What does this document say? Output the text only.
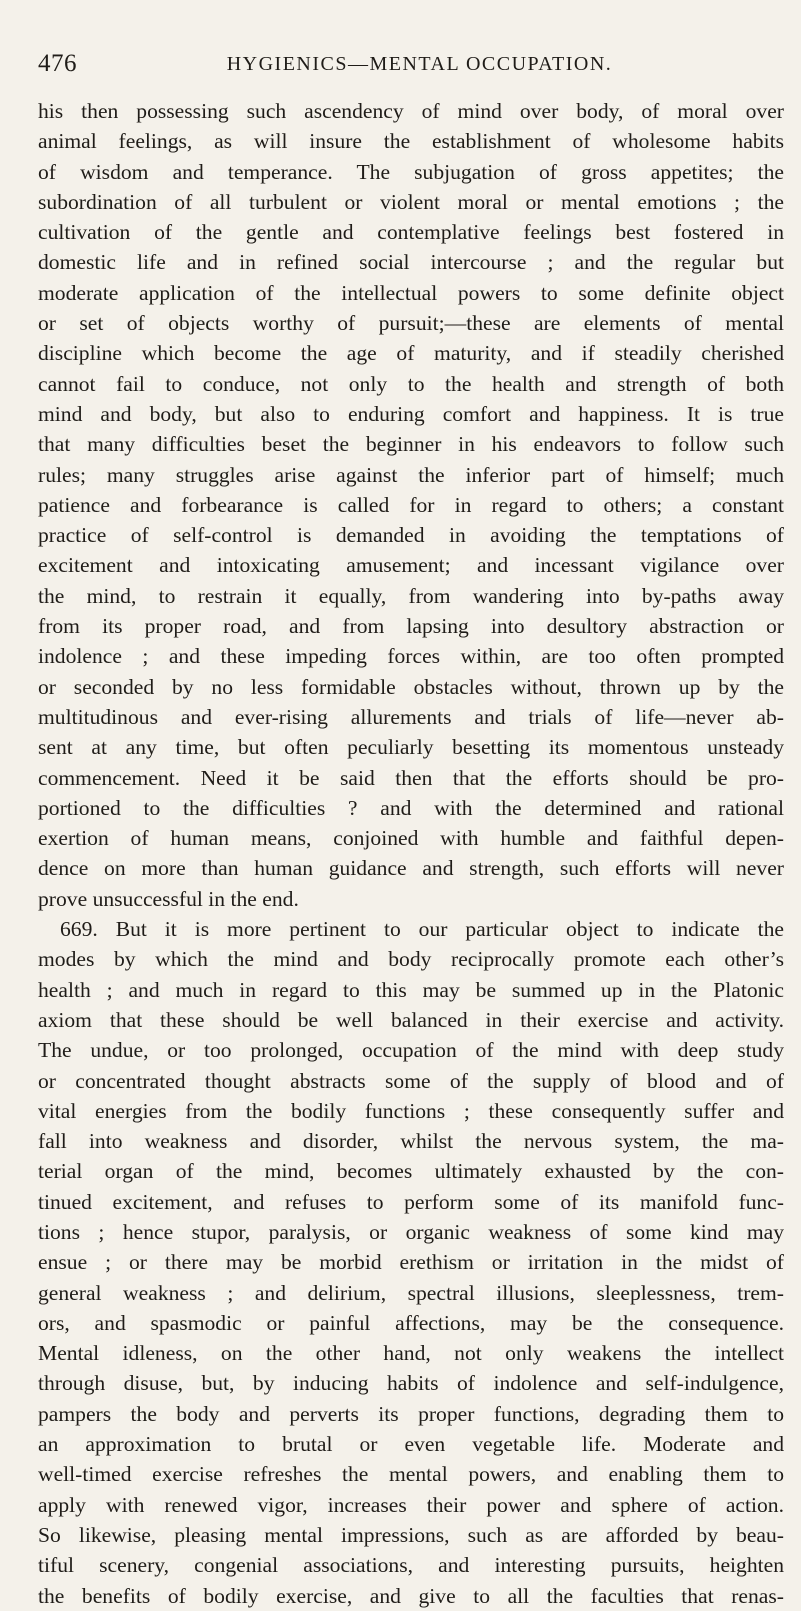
476	HYGIENICS—MENTAL OCCUPATION.
his then possessing such ascendency of mind over body, of moral over
animal feelings, as will insure the establishment of wholesome habits
of wisdom and temperance. The subjugation of gross appetites; the
subordination of all turbulent or violent moral or mental emotions ; the
cultivation of the gentle and contemplative feelings best fostered in
domestic life and in refined social intercourse ; and the regular but
moderate application of the intellectual powers to some definite object
or set of objects worthy of pursuit;—these are elements of mental
discipline which become the age of maturity, and if steadily cherished
cannot fail to conduce, not only to the health and strength of both
mind and body, but also to enduring comfort and happiness. It is true
that many difficulties beset the beginner in his endeavors to follow such
rules; many struggles arise against the inferior part of himself; much
patience and forbearance is called for in regard to others; a constant
practice of self-control is demanded in avoiding the temptations of
excitement and intoxicating amusement; and incessant vigilance over
the mind, to restrain it equally, from wandering into by-paths away
from its proper road, and from lapsing into desultory abstraction or
indolence ; and these impeding forces within, are too often prompted
or seconded by no less formidable obstacles without, thrown up by the
multitudinous and ever-rising allurements and trials of life—never ab-
sent at any time, but often peculiarly besetting its momentous unsteady
commencement. Need it be said then that the efforts should be pro-
portioned to the difficulties ? and with the determined and rational
exertion of human means, conjoined with humble and faithful depen-
dence on more than human guidance and strength, such efforts will never
prove unsuccessful in the end.
669. But it is more pertinent to our particular object to indicate the
modes by which the mind and body reciprocally promote each other’s
health ; and much in regard to this may be summed up in the Platonic
axiom that these should be well balanced in their exercise and activity.
The undue, or too prolonged, occupation of the mind with deep study
or concentrated thought abstracts some of the supply of blood and of
vital energies from the bodily functions ; these consequently suffer and
fall into weakness and disorder, whilst the nervous system, the ma-
terial organ of the mind, becomes ultimately exhausted by the con-
tinued excitement, and refuses to perform some of its manifold func-
tions ; hence stupor, paralysis, or organic weakness of some kind may
ensue ; or there may be morbid erethism or irritation in the midst of
general weakness ; and delirium, spectral illusions, sleeplessness, trem-
ors, and spasmodic or painful affections, may be the consequence.
Mental idleness, on the other hand, not only weakens the intellect
through disuse, but, by inducing habits of indolence and self-indulgence,
pampers the body and perverts its proper functions, degrading them to
an approximation to brutal or even vegetable life. Moderate and
well-timed exercise refreshes the mental powers, and enabling them to
apply with renewed vigor, increases their power and sphere of action.
So likewise, pleasing mental impressions, such as are afforded by beau-
tiful scenery, congenial associations, and interesting pursuits, heighten
the benefits of bodily exercise, and give to all the faculties that renas-
